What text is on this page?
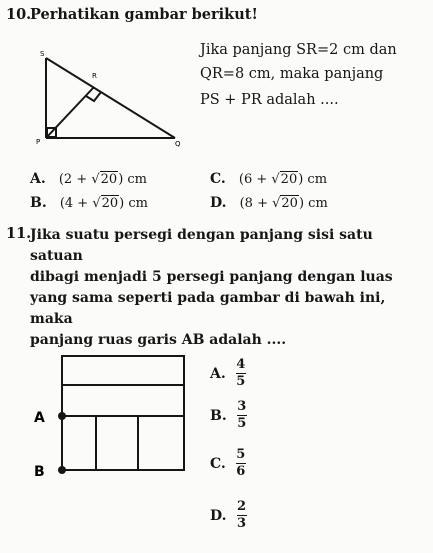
10.
Perhatikan gambar berikut!
S
R
P	Q
Jika panjang SR=2 cm dan
QR=8 cm, maka panjang
PS + PR adalah ....
A. (2 + √20) cm	C. (6 + √20) cm
B. (4 + √20) cm	D. (8 + √20) cm
11.
Jika suatu persegi dengan panjang sisi satu satuan
dibagi menjadi 5 persegi panjang dengan luas
yang sama seperti pada gambar di bawah ini, maka
panjang ruas garis AB adalah ....
A
B
A. $\frac{4}{5}$
B. $\frac{3}{5}$
C. $\frac{5}{6}$
D. $\frac{2}{3}$
